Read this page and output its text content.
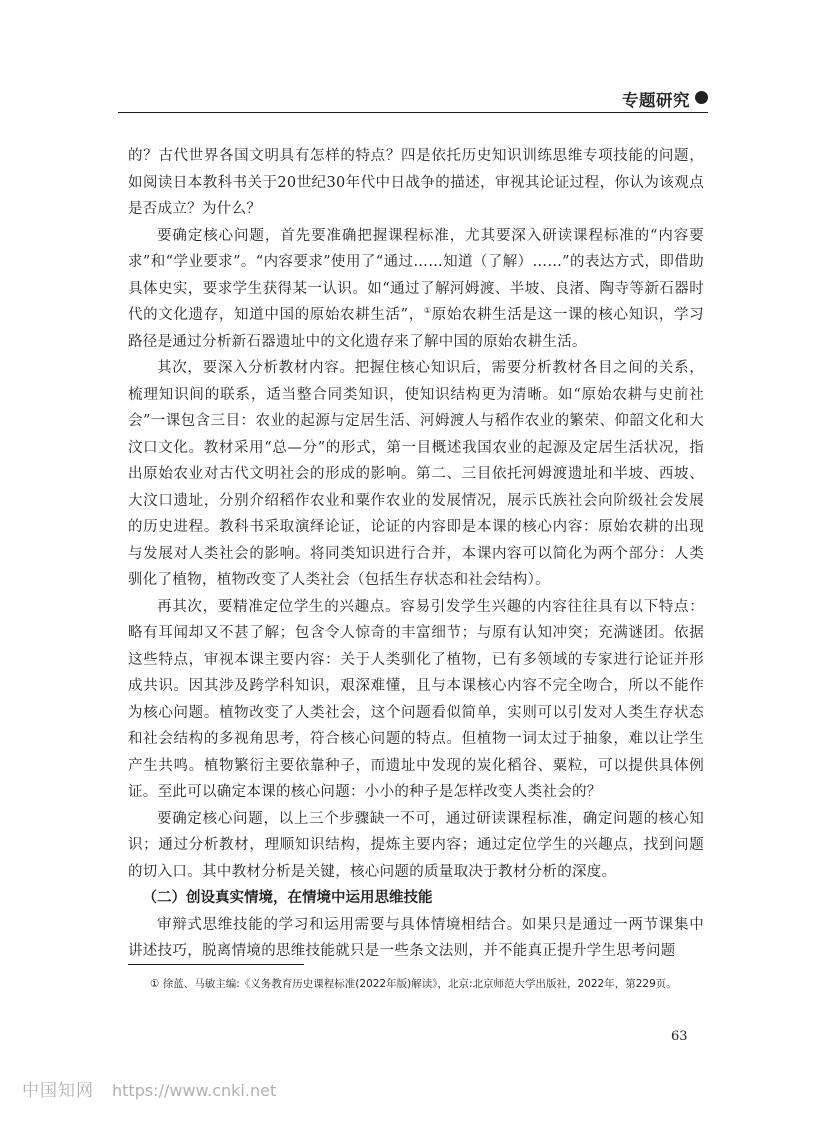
专题研究

的？古代世界各国文明具有怎样的特点？四是依托历史知识训练思维专项技能的问题，如阅读日本教科书关于20世纪30年代中日战争的描述，审视其论证过程，你认为该观点是否成立？为什么？

要确定核心问题，首先要准确把握课程标准，尤其要深入研读课程标准的“内容要求”和“学业要求”。“内容要求”使用了“通过……知道（了解）……”的表达方式，即借助具体史实，要求学生获得某一认识。如“通过了解河姆渡、半坡、良渚、陶寺等新石器时代的文化遗存，知道中国的原始农耕生活”，①原始农耕生活是这一课的核心知识，学习路径是通过分析新石器遗址中的文化遗存来了解中国的原始农耕生活。

其次，要深入分析教材内容。把握住核心知识后，需要分析教材各目之间的关系，梳理知识间的联系，适当整合同类知识，使知识结构更为清晰。如“原始农耕与史前社会”一课包含三目：农业的起源与定居生活、河姆渡人与稻作农业的繁荣、仰韶文化和大汶口文化。教材采用“总—分”的形式，第一目概述我国农业的起源及定居生活状况，指出原始农业对古代文明社会的形成的影响。第二、三目依托河姆渡遗址和半坡、西坡、大汶口遗址，分别介绍稻作农业和粟作农业的发展情况，展示氏族社会向阶级社会发展的历史进程。教科书采取演绎论证，论证的内容即是本课的核心内容：原始农耕的出现与发展对人类社会的影响。将同类知识进行合并，本课内容可以简化为两个部分：人类驯化了植物，植物改变了人类社会（包括生存状态和社会结构）。

再其次，要精准定位学生的兴趣点。容易引发学生兴趣的内容往往具有以下特点：略有耳闻却又不甚了解；包含令人惊奇的丰富细节；与原有认知冲突；充满谜团。依据这些特点，审视本课主要内容：关于人类驯化了植物，已有多领域的专家进行论证并形成共识。因其涉及跨学科知识，艰深难懂，且与本课核心内容不完全吻合，所以不能作为核心问题。植物改变了人类社会，这个问题看似简单，实则可以引发对人类生存状态和社会结构的多视角思考，符合核心问题的特点。但植物一词太过于抽象，难以让学生产生共鸣。植物繁衍主要依靠种子，而遗址中发现的炭化稻谷、粟粒，可以提供具体例证。至此可以确定本课的核心问题：小小的种子是怎样改变人类社会的？

要确定核心问题，以上三个步骤缺一不可，通过研读课程标准，确定问题的核心知识；通过分析教材，理顺知识结构，提炼主要内容；通过定位学生的兴趣点，找到问题的切入口。其中教材分析是关键，核心问题的质量取决于教材分析的深度。

（二）创设真实情境，在情境中运用思维技能

审辩式思维技能的学习和运用需要与具体情境相结合。如果只是通过一两节课集中讲述技巧，脱离情境的思维技能就只是一些条文法则，并不能真正提升学生思考问题

① 徐蓝、马敏主编:《义务教育历史课程标准(2022年版)解读》，北京:北京师范大学出版社，2022年，第229页。
63
中国知网 https://www.cnki.net
